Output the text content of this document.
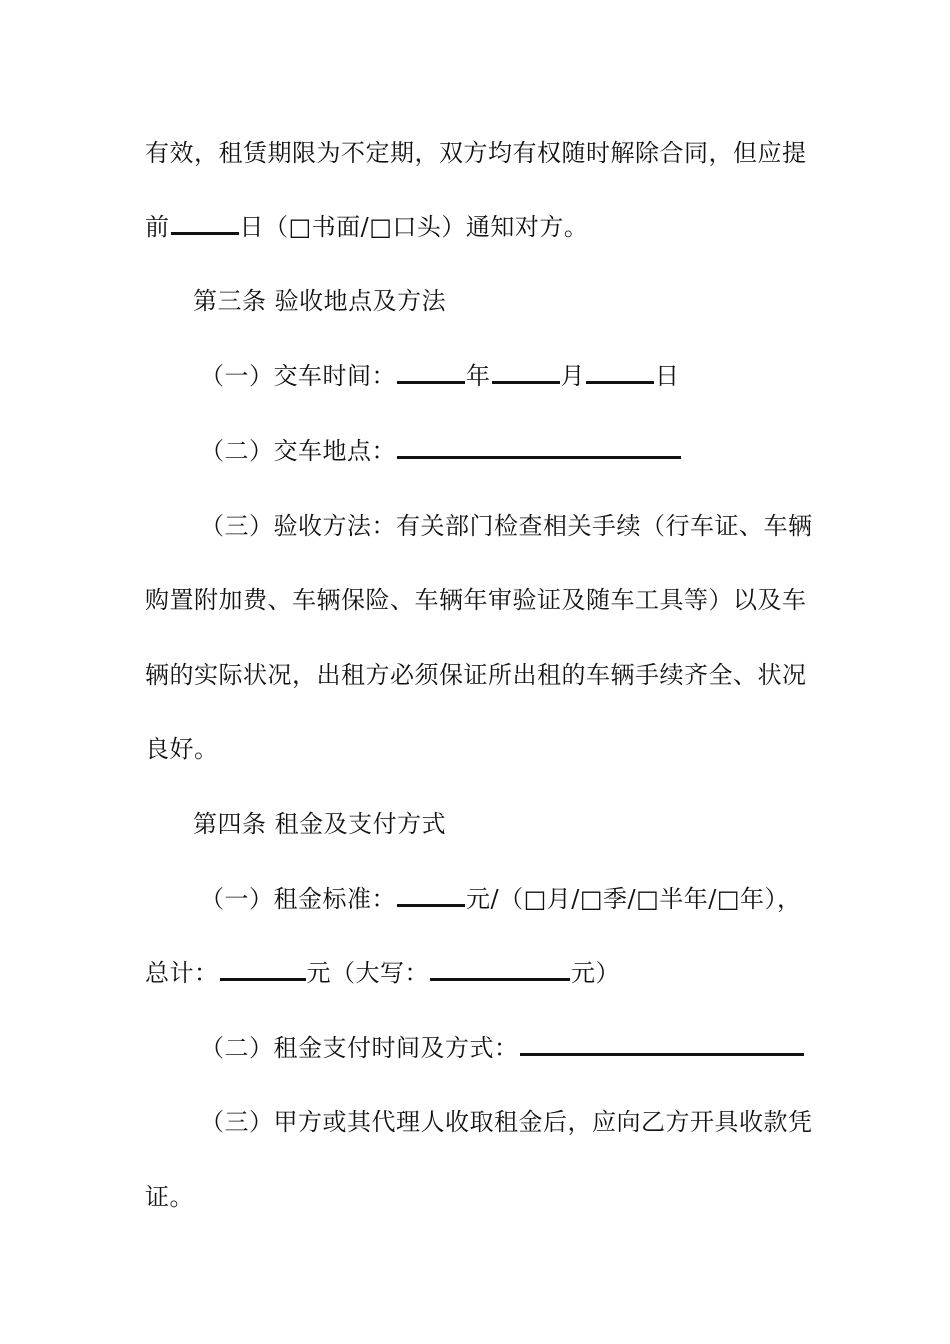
有效，租赁期限为不定期，双方均有权随时解除合同，但应提
前	日（□书面/□口头）通知对方。
第三条 验收地点及方法
（一）交车时间：	年	月	日
（二）交车地点：
（三）验收方法：有关部门检查相关手续（行车证、车辆
购置附加费、车辆保险、车辆年审验证及随车工具等）以及车
辆的实际状况，出租方必须保证所出租的车辆手续齐全、状况
良好。
第四条 租金及支付方式
（一）租金标准：	元/（□月/□季/□半年/□年），
总计：	元（大写：	元）
（二）租金支付时间及方式：
（三）甲方或其代理人收取租金后，应向乙方开具收款凭
证。
